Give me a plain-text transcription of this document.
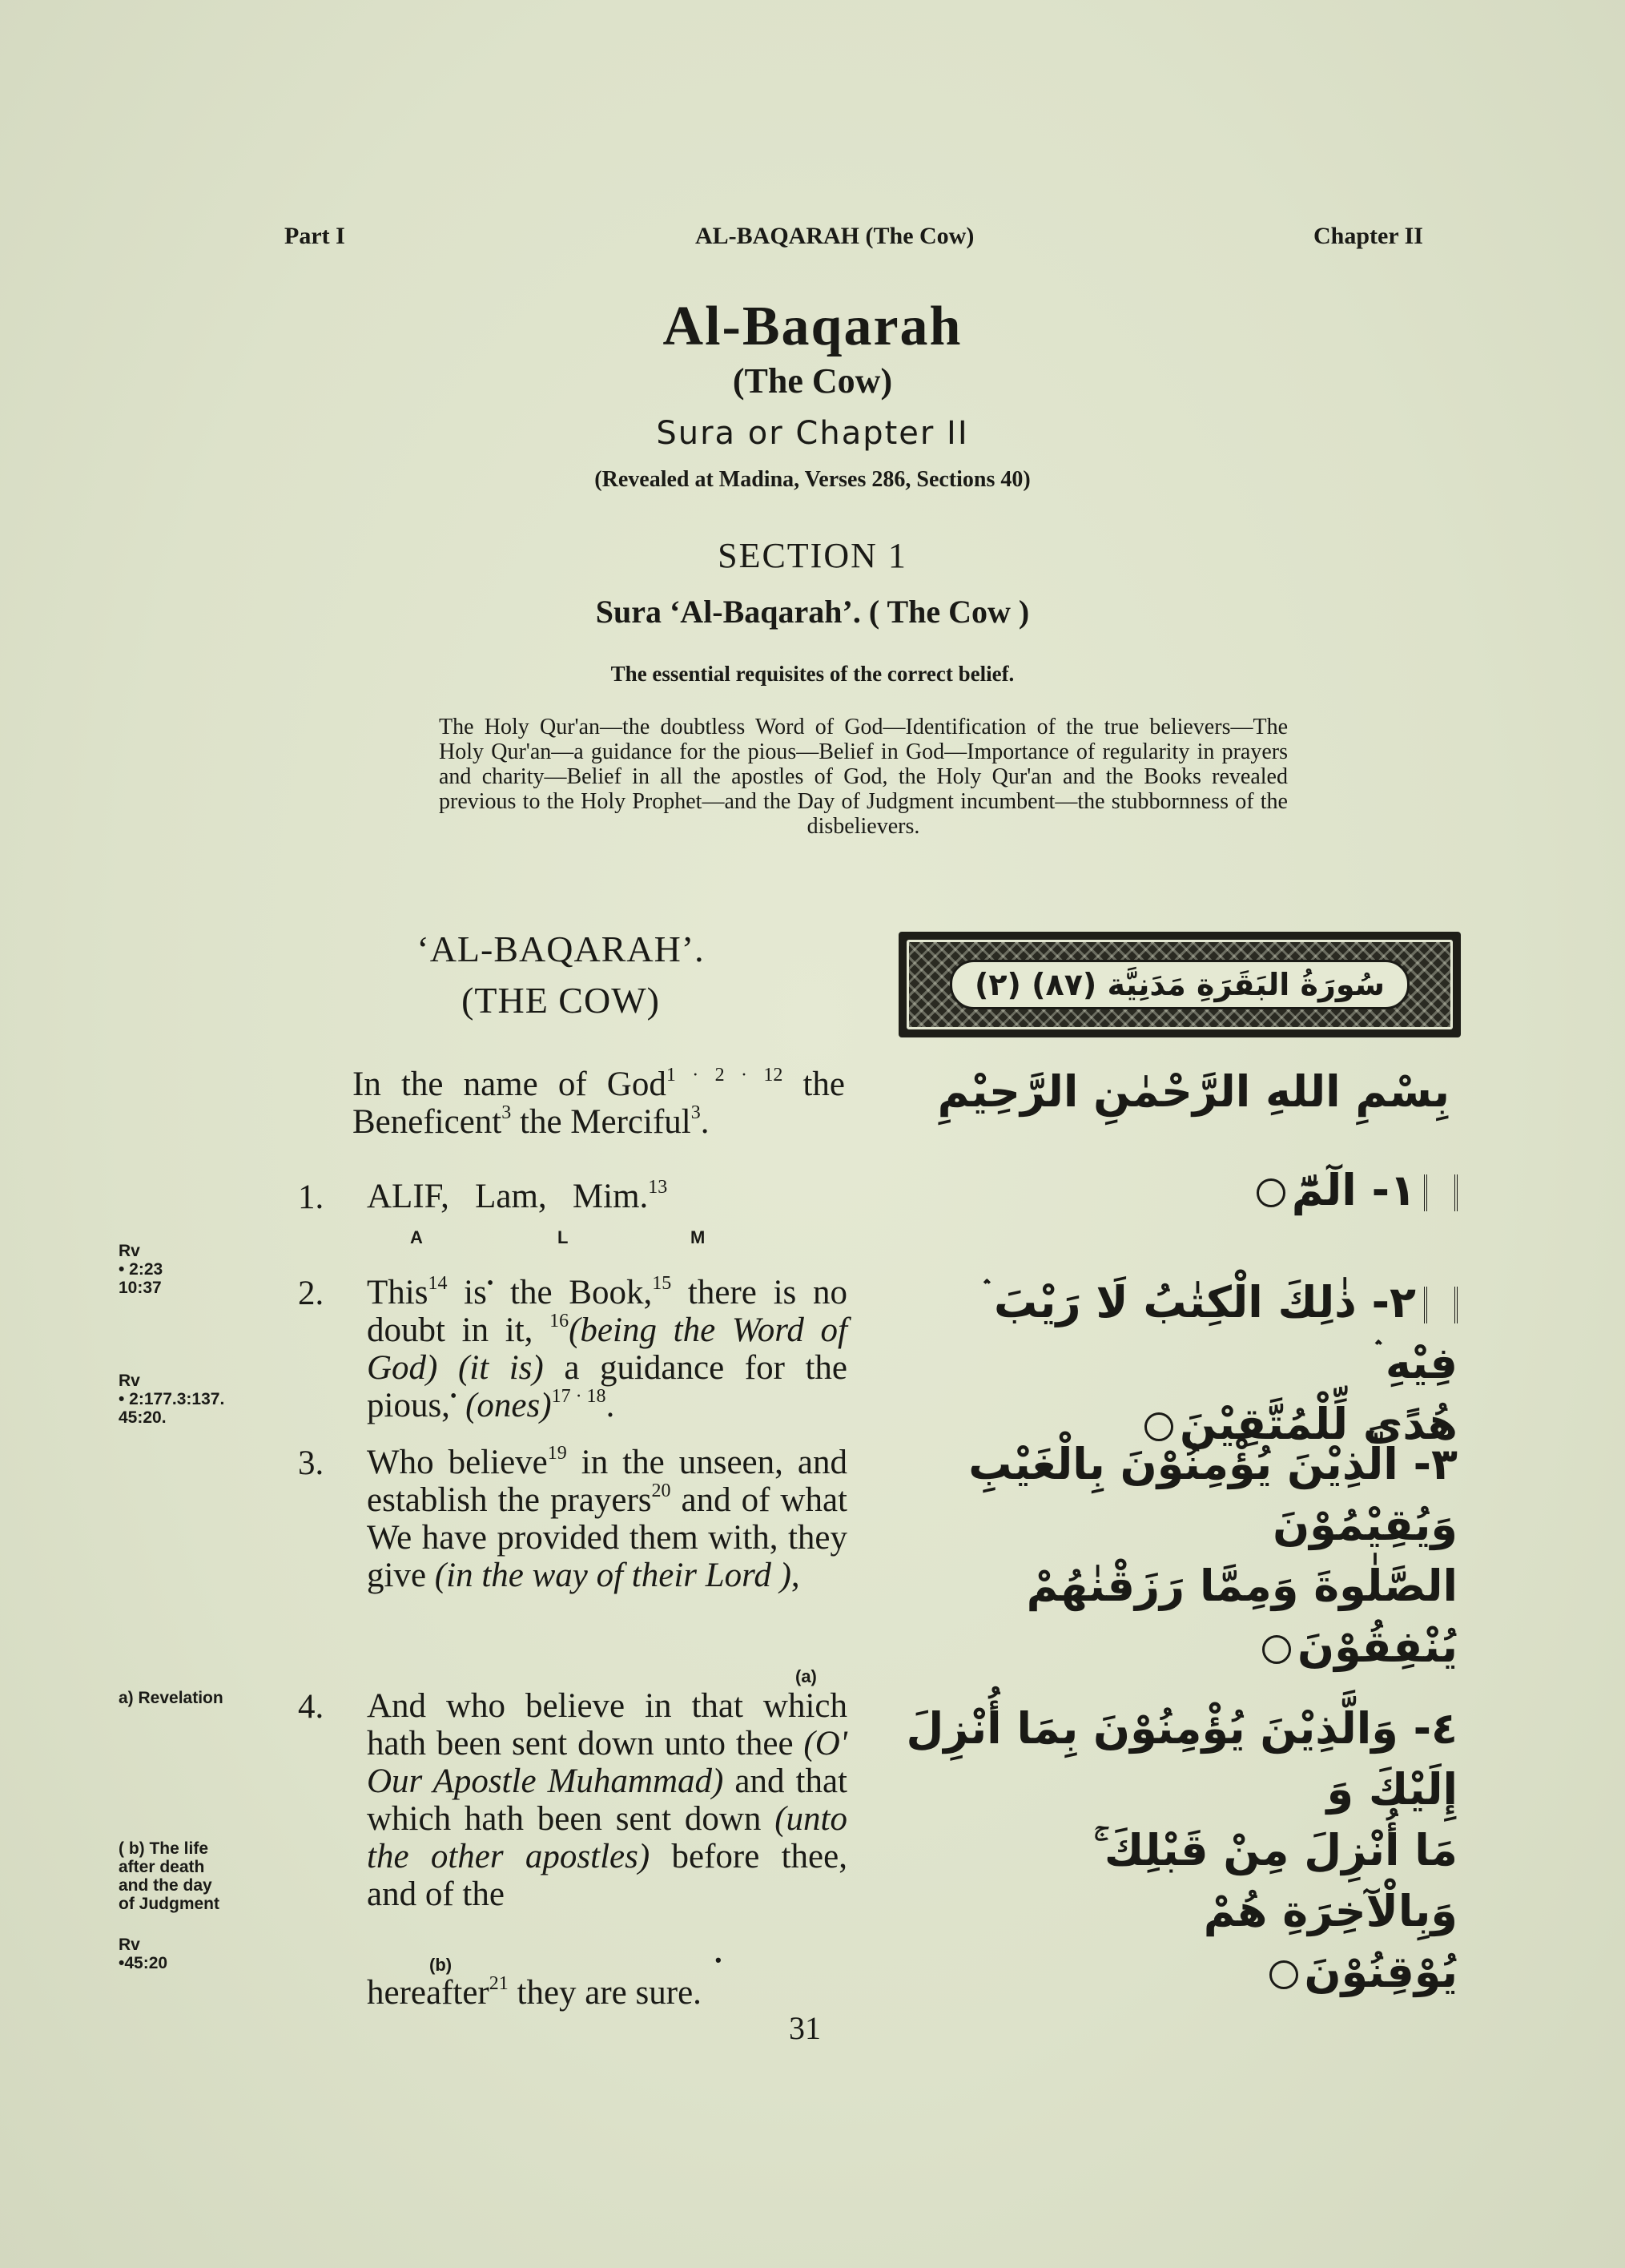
Part I	AL-BAQARAH (The Cow)	Chapter II
Al-Baqarah
(The Cow)
Sura or Chapter II
(Revealed at Madina, Verses 286, Sections 40)
SECTION 1
Sura ‘Al-Baqarah’. ( The Cow )
The essential requisites of the correct belief.
The Holy Qur'an—the doubtless Word of God—Identification of the true believers—The Holy Qur'an—a guidance for the pious—Belief in God—Importance of regularity in prayers and charity—Belief in all the apostles of God, the Holy Qur'an and the Books revealed previous to the Holy Prophet—and the Day of Judgment incumbent—the stubbornness of the disbelievers.
‘AL-BAQARAH’.
(THE COW)	(٢) سُورَةُ البَقَرَةِ مَدَنِيَّة (٨٧)
In the name of God$^{1 \cdot 2 \cdot 12}$ the Beneficent$^3$ the Merciful$^3$.
بِسْمِ اللهِ الرَّحْمٰنِ الرَّحِيْمِ
1. ALIF,   Lam,   Mim.$^{13}$
A	L	M
١- الٓمّٓ
Rv
• 2:23
10:37	2. This$^{14}$ is• the Book,$^{15}$ there is no doubt in it, $^{16}$(being the Word of God) (it is) a guidance for the pious,• (ones)$^{17 \cdot 18}$.
٢- ذٰلِكَ الْكِتٰبُ لَا رَيْبَ ۛ فِيْهِ ۛ
هُدًى لِّلْمُتَّقِيْنَ
Rv
• 2:177.3:137.
45:20.
3. Who believe$^{19}$ in the unseen, and establish the prayers$^{20}$ and of what We have provided them with, they give (in the way of their Lord ),
٣- الَّذِيْنَ يُؤْمِنُوْنَ بِالْغَيْبِ وَيُقِيْمُوْنَ
الصَّلٰوةَ وَمِمَّا رَزَقْنٰهُمْ يُنْفِقُوْنَ
(a)
a) Revelation 4. And who believe in that which hath been sent down unto thee (O' Our Apostle Muhammad) and that which hath been sent down (unto the other apostles) before thee, and of the
(b)	•
hereafter$^{21}$ they are sure.
٤- وَالَّذِيْنَ يُؤْمِنُوْنَ بِمَا أُنْزِلَ إِلَيْكَ وَ
مَا أُنْزِلَ مِنْ قَبْلِكَ ۚ وَبِالْآخِرَةِ هُمْ
يُوْقِنُوْنَ
( b) The life
after death
and the day
of Judgment
Rv
•45:20
31
